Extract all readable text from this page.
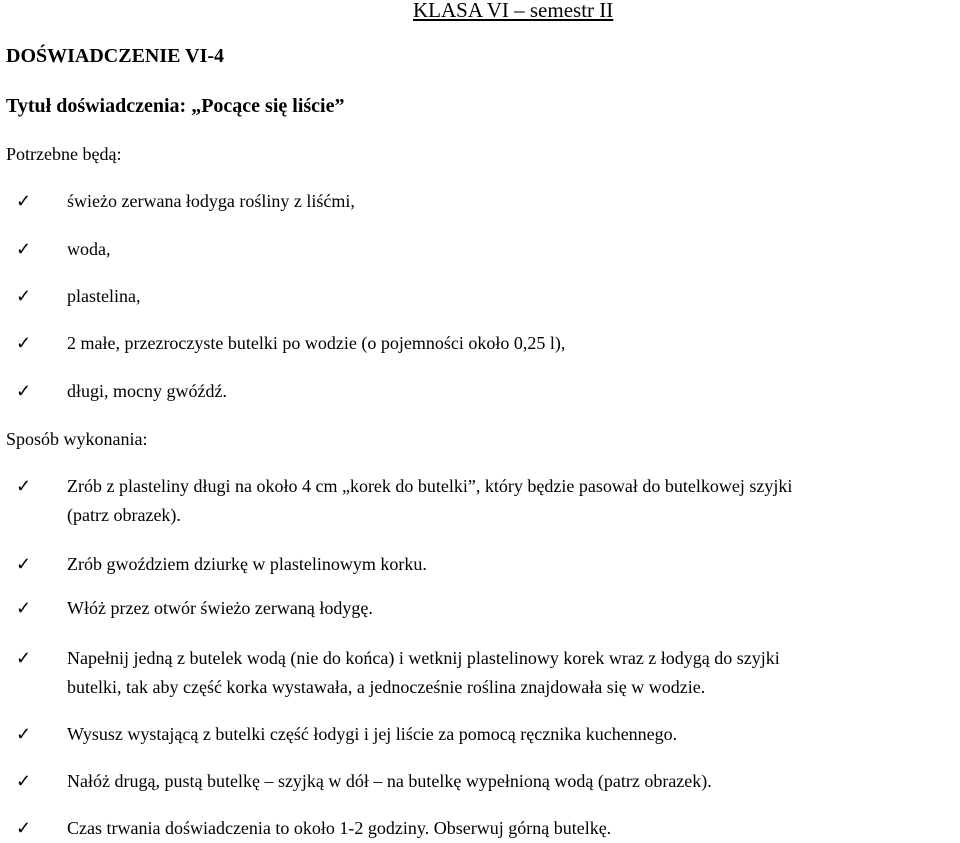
KLASA VI – semestr II
DOŚWIADCZENIE VI-4
Tytuł doświadczenia: „Pocące się liście”
Potrzebne będą:
✓ świeżo zerwana łodyga rośliny z liśćmi,
✓ woda,
✓ plastelina,
✓ 2 małe, przezroczyste butelki po wodzie (o pojemności około 0,25 l),
✓ długi, mocny gwóźdź.
Sposób wykonania:
✓ Zrób z plasteliny długi na około 4 cm „korek do butelki”, który będzie pasował do butelkowej szyjki
(patrz obrazek).
✓ Zrób gwoździem dziurkę w plastelinowym korku.
✓ Włóż przez otwór świeżo zerwaną łodygę.
✓ Napełnij jedną z butelek wodą (nie do końca) i wetknij plastelinowy korek wraz z łodygą do szyjki
butelki, tak aby część korka wystawała, a jednocześnie roślina znajdowała się w wodzie.
✓ Wysusz wystającą z butelki część łodygi i jej liście za pomocą ręcznika kuchennego.
✓ Nałóż drugą, pustą butelkę – szyjką w dół – na butelkę wypełnioną wodą (patrz obrazek).
✓ Czas trwania doświadczenia to około 1-2 godziny. Obserwuj górną butelkę.
